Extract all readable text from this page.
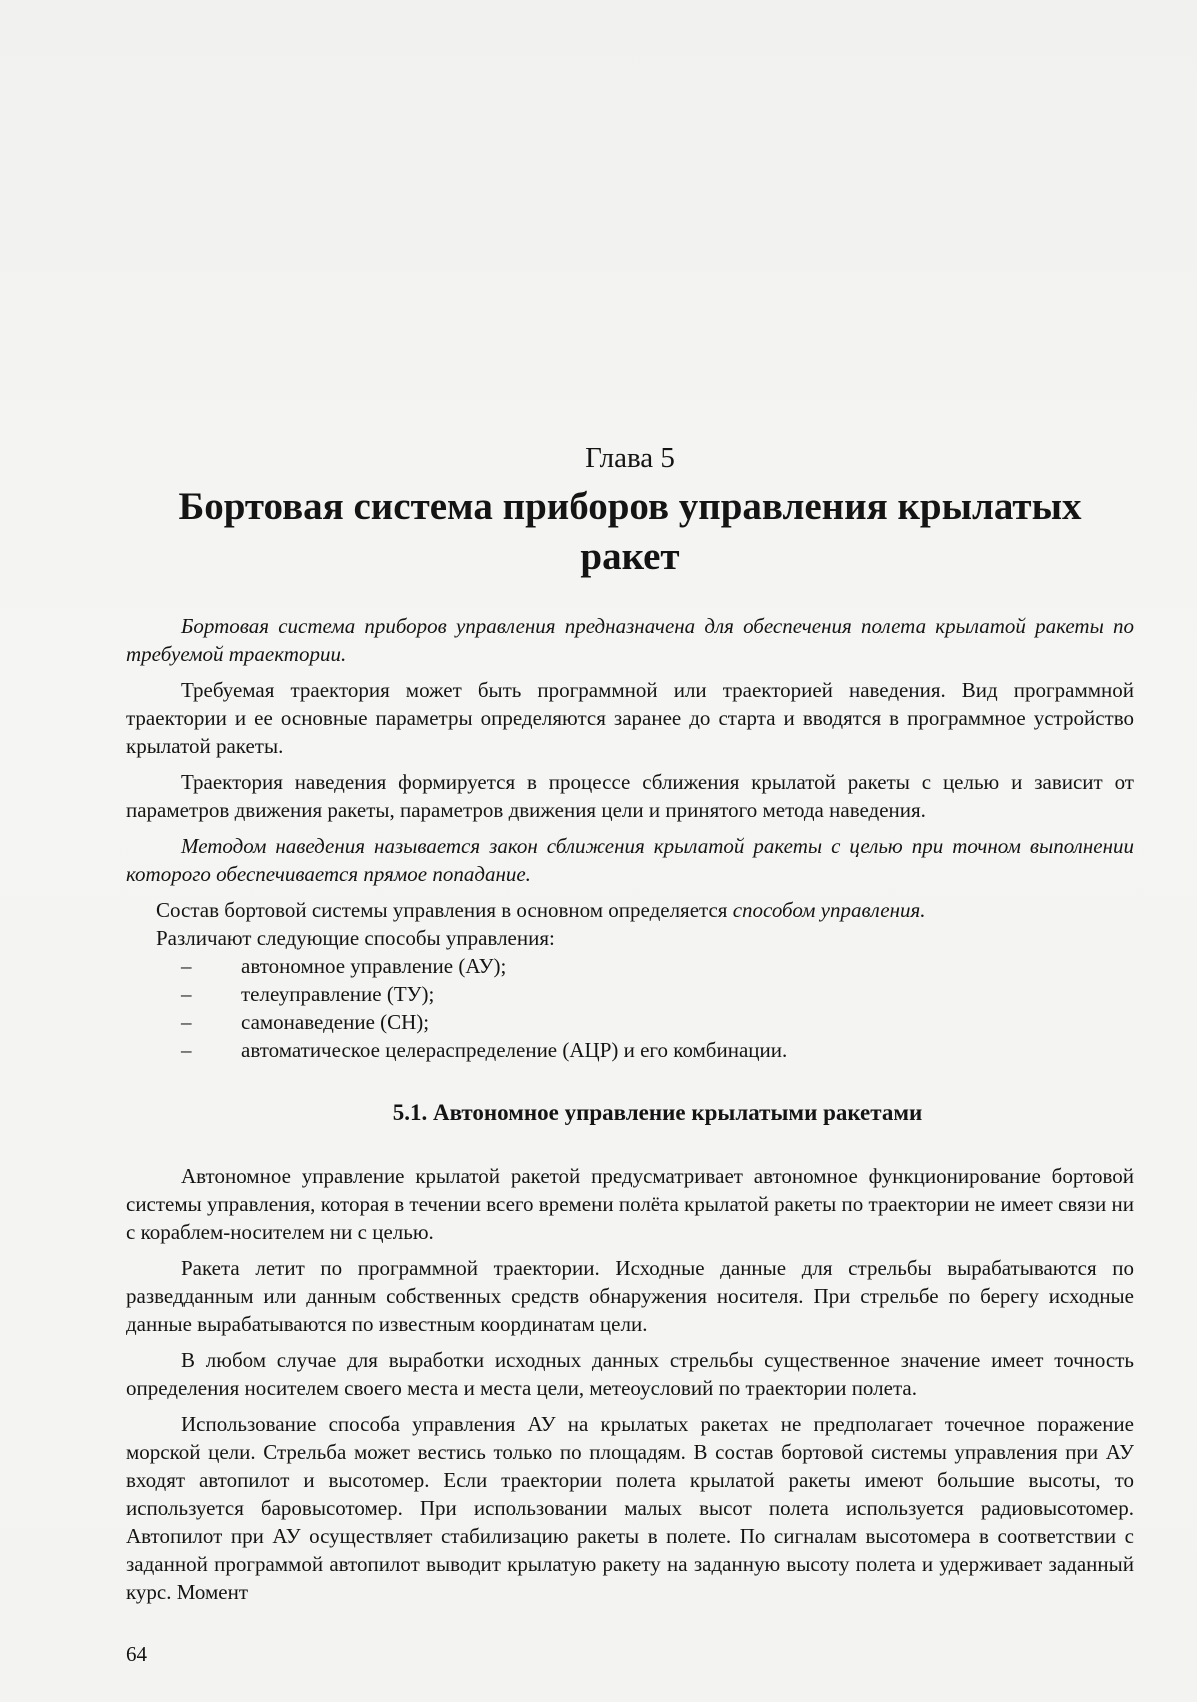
Глава 5
Бортовая система приборов управления крылатых ракет

Бортовая система приборов управления предназначена для обеспечения полета крылатой ракеты по требуемой траектории.

Требуемая траектория может быть программной или траекторией наведения. Вид программной траектории и ее основные параметры определяются заранее до старта и вводятся в программное устройство крылатой ракеты.

Траектория наведения формируется в процессе сближения крылатой ракеты с целью и зависит от параметров движения ракеты, параметров движения цели и принятого метода наведения.

Методом наведения называется закон сближения крылатой ракеты с целью при точном выполнении которого обеспечивается прямое попадание.

Состав бортовой системы управления в основном определяется способом управления.

Различают следующие способы управления:

– автономное управление (АУ);
– телеуправление (ТУ);
– самонаведение (СН);
– автоматическое целераспределение (АЦР) и его комбинации.
5.1. Автономное управление крылатыми ракетами

Автономное управление крылатой ракетой предусматривает автономное функционирование бортовой системы управления, которая в течении всего времени полёта крылатой ракеты по траектории не имеет связи ни с кораблем-носителем ни с целью.

Ракета летит по программной траектории. Исходные данные для стрельбы вырабатываются по разведданным или данным собственных средств обнаружения носителя. При стрельбе по берегу исходные данные вырабатываются по известным координатам цели.

В любом случае для выработки исходных данных стрельбы существенное значение имеет точность определения носителем своего места и места цели, метеоусловий по траектории полета.

Использование способа управления АУ на крылатых ракетах не предполагает точечное поражение морской цели. Стрельба может вестись только по площадям. В состав бортовой системы управления при АУ входят автопилот и высотомер. Если траектории полета крылатой ракеты имеют большие высоты, то используется баровысотомер. При использовании малых высот полета используется радиовысотомер. Автопилот при АУ осуществляет стабилизацию ракеты в полете. По сигналам высотомера в соответствии с заданной программой автопилот выводит крылатую ракету на заданную высоту полета и удерживает заданный курс. Момент

64
